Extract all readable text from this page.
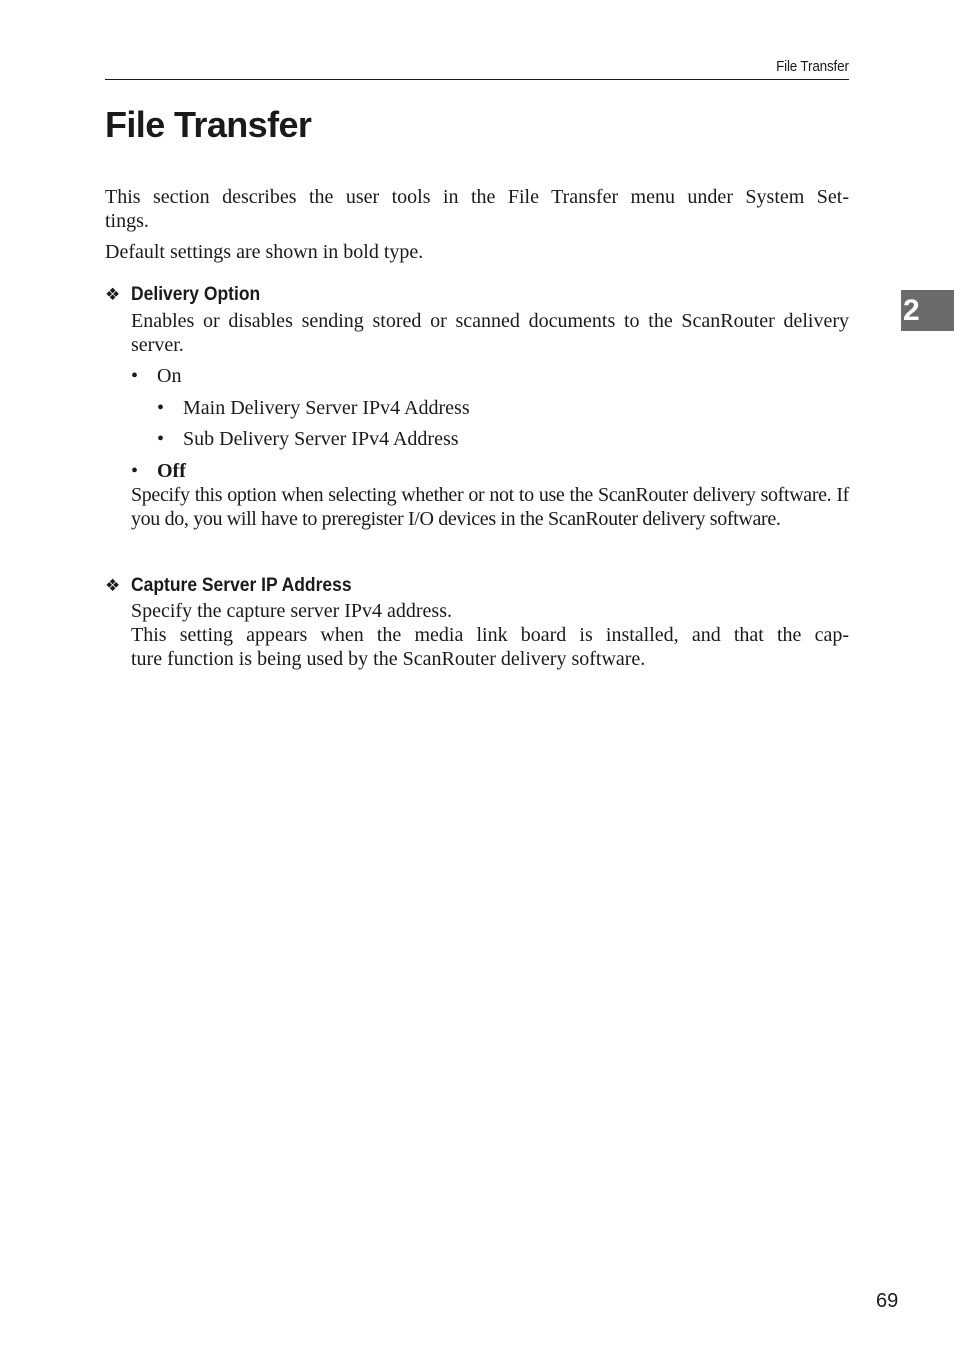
File Transfer
File Transfer
2

This section describes the user tools in the File Transfer menu under System Set-

tings.

Default settings are shown in bold type.

❖ Delivery Option

Enables or disables sending stored or scanned documents to the ScanRouter delivery server.

• On
• Main Delivery Server IPv4 Address
• Sub Delivery Server IPv4 Address
• Off

Specify this option when selecting whether or not to use the ScanRouter delivery software. If you do, you will have to preregister I/O devices in the ScanRouter delivery software.

❖ Capture Server IP Address

Specify the capture server IPv4 address.

This setting appears when the media link board is installed, and that the cap-

ture function is being used by the ScanRouter delivery software.

69
